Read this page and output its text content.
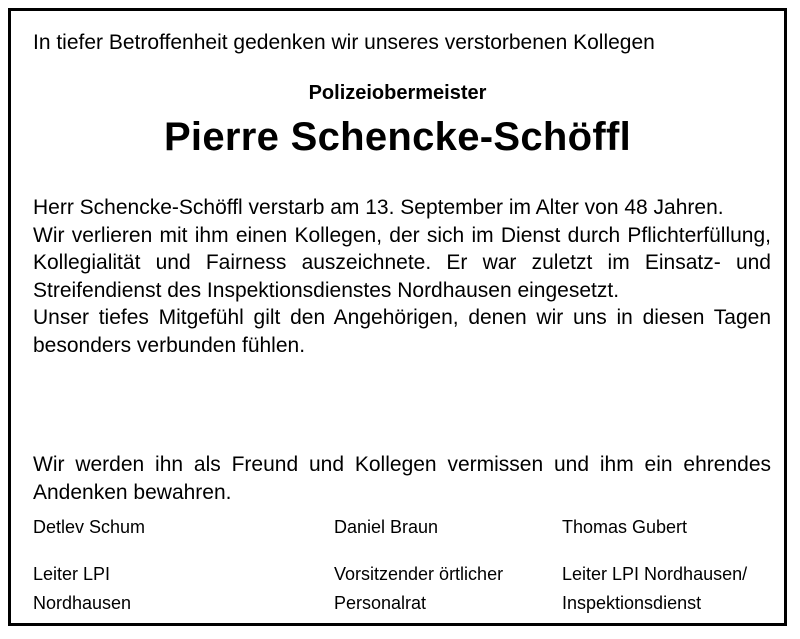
In tiefer Betroffenheit gedenken wir unseres verstorbenen Kollegen
Polizeiobermeister
Pierre Schencke-Schöffl

Herr Schencke-Schöffl verstarb am 13. September im Alter von 48 Jahren.

Wir verlieren mit ihm einen Kollegen, der sich im Dienst durch Pflichterfüllung, Kollegialität und Fairness auszeichnete. Er war zuletzt im Einsatz- und Streifendienst des Inspektionsdienstes Nordhausen eingesetzt.

Unser tiefes Mitgefühl gilt den Angehörigen, denen wir uns in diesen Tagen besonders verbunden fühlen.

Wir werden ihn als Freund und Kollegen vermissen und ihm ein ehrendes Andenken bewahren.

Detlev Schum
Leiter LPI
Nordhausen
Daniel Braun
Vorsitzender örtlicher
Personalrat
Thomas Gubert
Leiter LPI Nordhausen/
Inspektionsdienst
